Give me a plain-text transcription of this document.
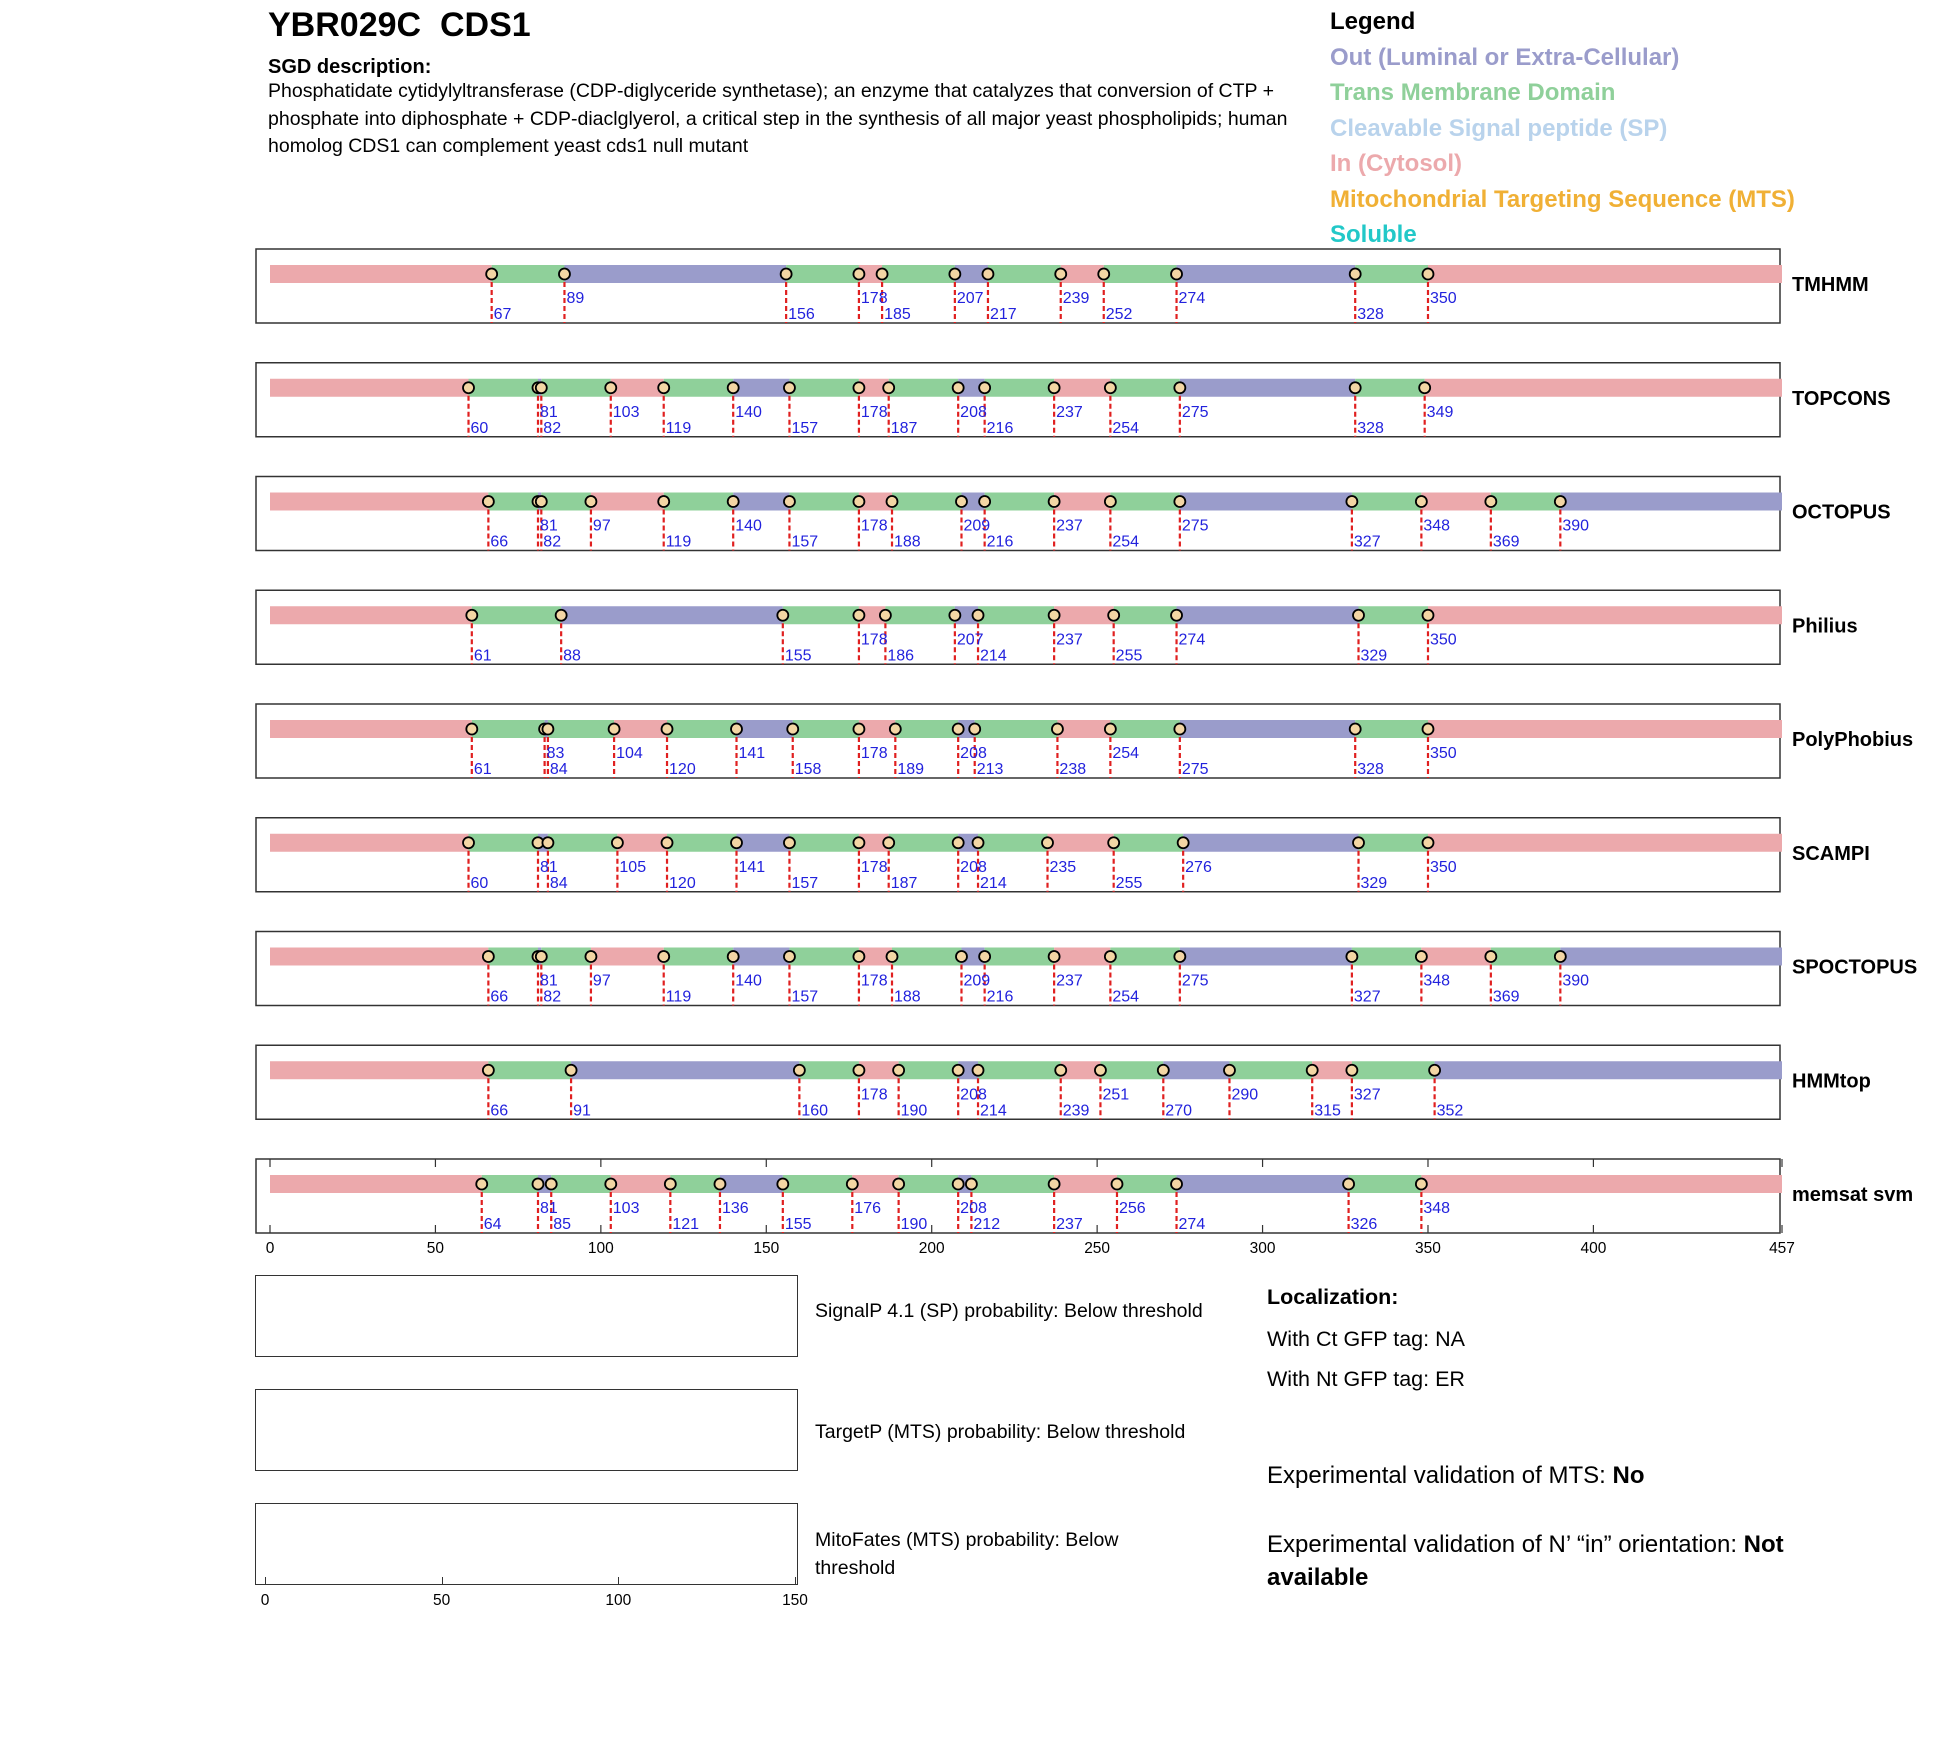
YBR029C  CDS1
SGD description:
Phosphatidate cytidylyltransferase (CDP-diglyceride synthetase); an enzyme that catalyzes that conversion of CTP + phosphate into diphosphate + CDP-diaclglyerol, a critical step in the synthesis of all major yeast phospholipids; human homolog CDS1 can complement yeast cds1 null mutant
Legend
Out (Luminal or Extra-Cellular)
Trans Membrane Domain
Cleavable Signal peptide (SP)
In (Cytosol)
Mitochondrial Targeting Sequence (MTS)
Soluble
TMHMM
67
89
156
178
185
207
217
239
252
274
328
350
TOPCONS
60
81
82
103
119
140
157
178
187
208
216
237
254
275
328
349
OCTOPUS
66
81
82
97
119
140
157
178
188
209
216
237
254
275
327
348
369
390
Philius
61	88	155
178
186
207
214
237
255
274
329
350
PolyPhobius
61
83
84
104
120
141
158
178
189
208
213	238
254
275	328
350
SCAMPI
60
81
84
105
120
141
157
178
187
208
214
235
255
276
329
350
SPOCTOPUS
66
81
82
97
119
140
157
178
188
209
216
237
254
275
327
348
369
390
HMMtop
66	91	160
178
190
208
214	239
251
270
290
315
327
352
memsat svm
64
81
85
103
121
136
155
176
190
208
212	237
256
274	326
348
0	50	100	150	200	250	300	350	400	457
SignalP 4.1 (SP) probability: Below threshold
TargetP (MTS) probability: Below threshold
MitoFates (MTS) probability: Below threshold
0	50	100	150
Localization:
With Ct GFP tag: NA
With Nt GFP tag: ER
Experimental validation of MTS: No
Experimental validation of N’ “in” orientation: Not available
